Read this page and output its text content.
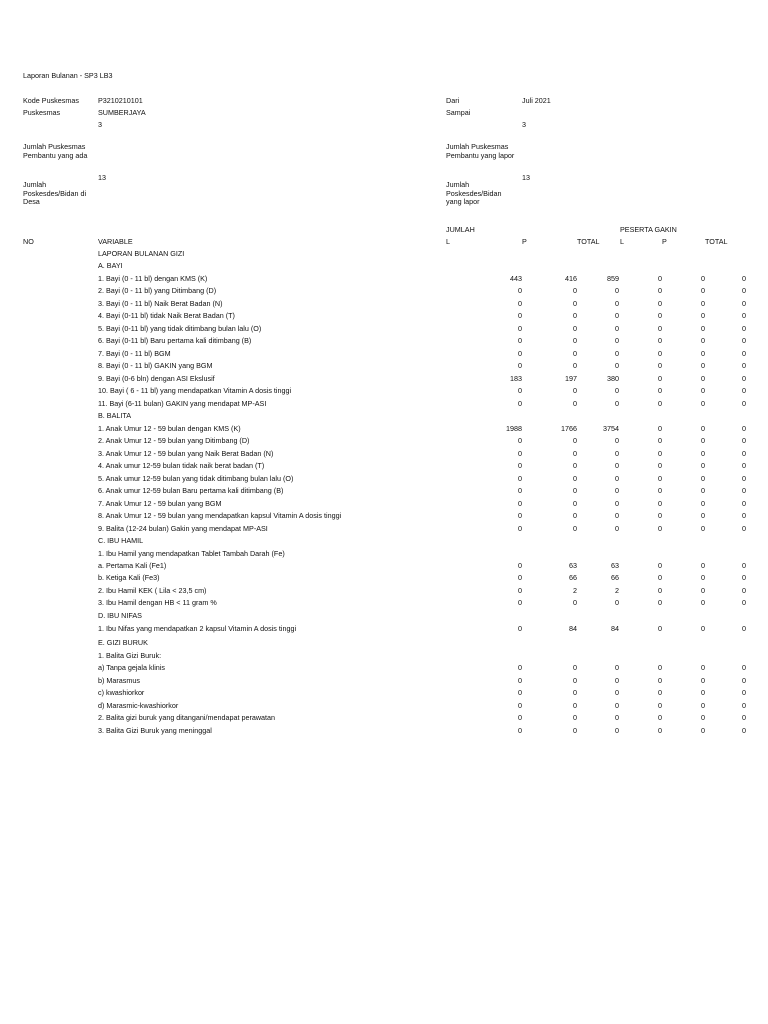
Laporan Bulanan - SP3 LB3
Kode Puskesmas	P3210210101
Puskesmas	SUMBERJAYA
3
Dari	Juli 2021
Sampai
3
Jumlah Puskesmas Pembantu yang ada
13
Jumlah Poskesdes/Bidan di Desa
Jumlah Puskesmas Pembantu yang lapor
13
Jumlah Poskesdes/Bidan yang lapor
JUMLAH	PESERTA GAKIN
NO	VARIABLE	L	P	TOTAL	L	P	TOTAL
LAPORAN BULANAN GIZI
A. BAYI
1. Bayi (0 - 11 bl) dengan KMS (K)	443	416	859	0	0	0
2. Bayi (0 - 11 bl) yang Ditimbang (D)	0	0	0	0	0	0
3. Bayi (0 - 11 bl) Naik Berat Badan (N)	0	0	0	0	0	0
4. Bayi (0-11 bl) tidak Naik Berat Badan (T)	0	0	0	0	0	0
5. Bayi (0-11 bl) yang tidak ditimbang bulan lalu (O)	0	0	0	0	0	0
6. Bayi (0-11 bl) Baru pertama kali ditimbang (B)	0	0	0	0	0	0
7. Bayi (0 - 11 bl) BGM	0	0	0	0	0	0
8. Bayi (0 - 11 bl) GAKIN yang BGM	0	0	0	0	0	0
9. Bayi (0-6 bln) dengan ASI Ekslusif	183	197	380	0	0	0
10. Bayi ( 6 - 11 bl) yang mendapatkan Vitamin A dosis tinggi	0	0	0	0	0	0
11. Bayi (6-11 bulan) GAKIN yang mendapat MP-ASI	0	0	0	0	0	0
B. BALITA
1. Anak Umur 12 - 59 bulan dengan KMS (K)	1988	1766	3754	0	0	0
2. Anak Umur 12 - 59 bulan yang Ditimbang (D)	0	0	0	0	0	0
3. Anak Umur 12 - 59 bulan yang Naik Berat Badan (N)	0	0	0	0	0	0
4. Anak umur 12-59 bulan tidak naik berat badan (T)	0	0	0	0	0	0
5. Anak umur 12-59 bulan yang tidak ditimbang bulan lalu (O)	0	0	0	0	0	0
6. Anak umur 12-59 bulan Baru pertama kali ditimbang (B)	0	0	0	0	0	0
7. Anak Umur 12 - 59 bulan yang BGM	0	0	0	0	0	0
8. Anak Umur 12 - 59 bulan yang mendapatkan kapsul Vitamin A dosis tinggi	0	0	0	0	0	0
9. Balita (12-24 bulan) Gakin yang mendapat MP-ASI	0	0	0	0	0	0
C. IBU HAMIL
1. Ibu Hamil yang mendapatkan Tablet Tambah Darah (Fe)
a. Pertama Kali (Fe1)	0	63	63	0	0	0
b. Ketiga Kali (Fe3)	0	66	66	0	0	0
2. Ibu Hamil KEK ( Lila < 23,5 cm)	0	2	2	0	0	0
3. Ibu Hamil dengan HB < 11 gram %	0	0	0	0	0	0
D. IBU NIFAS
1. Ibu Nifas yang mendapatkan 2 kapsul Vitamin A dosis tinggi	0	84	84	0	0	0
E. GIZI BURUK
1. Balita Gizi Buruk:
a) Tanpa gejala klinis	0	0	0	0	0	0
b) Marasmus	0	0	0	0	0	0
c) kwashiorkor	0	0	0	0	0	0
d) Marasmic-kwashiorkor	0	0	0	0	0	0
2. Balita gizi buruk yang ditangani/mendapat perawatan	0	0	0	0	0	0
3. Balita Gizi Buruk yang meninggal	0	0	0	0	0	0
